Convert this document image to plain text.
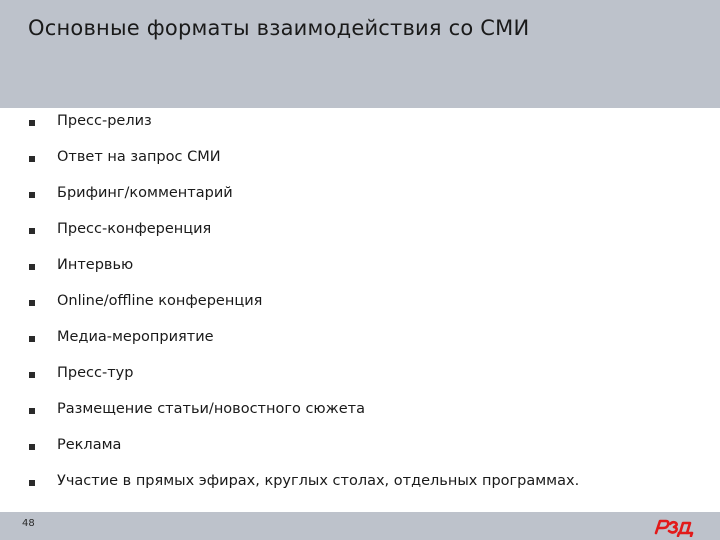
Основные форматы взаимодействия со СМИ
Пресс-релиз
Ответ на запрос СМИ
Брифинг/комментарий
Пресс-конференция
Интервью
Online/offline конференция
Медиа-мероприятие
Пресс-тур
Размещение статьи/новостного сюжета
Реклама
Участие в прямых эфирах, круглых столах, отдельных программах.
48
